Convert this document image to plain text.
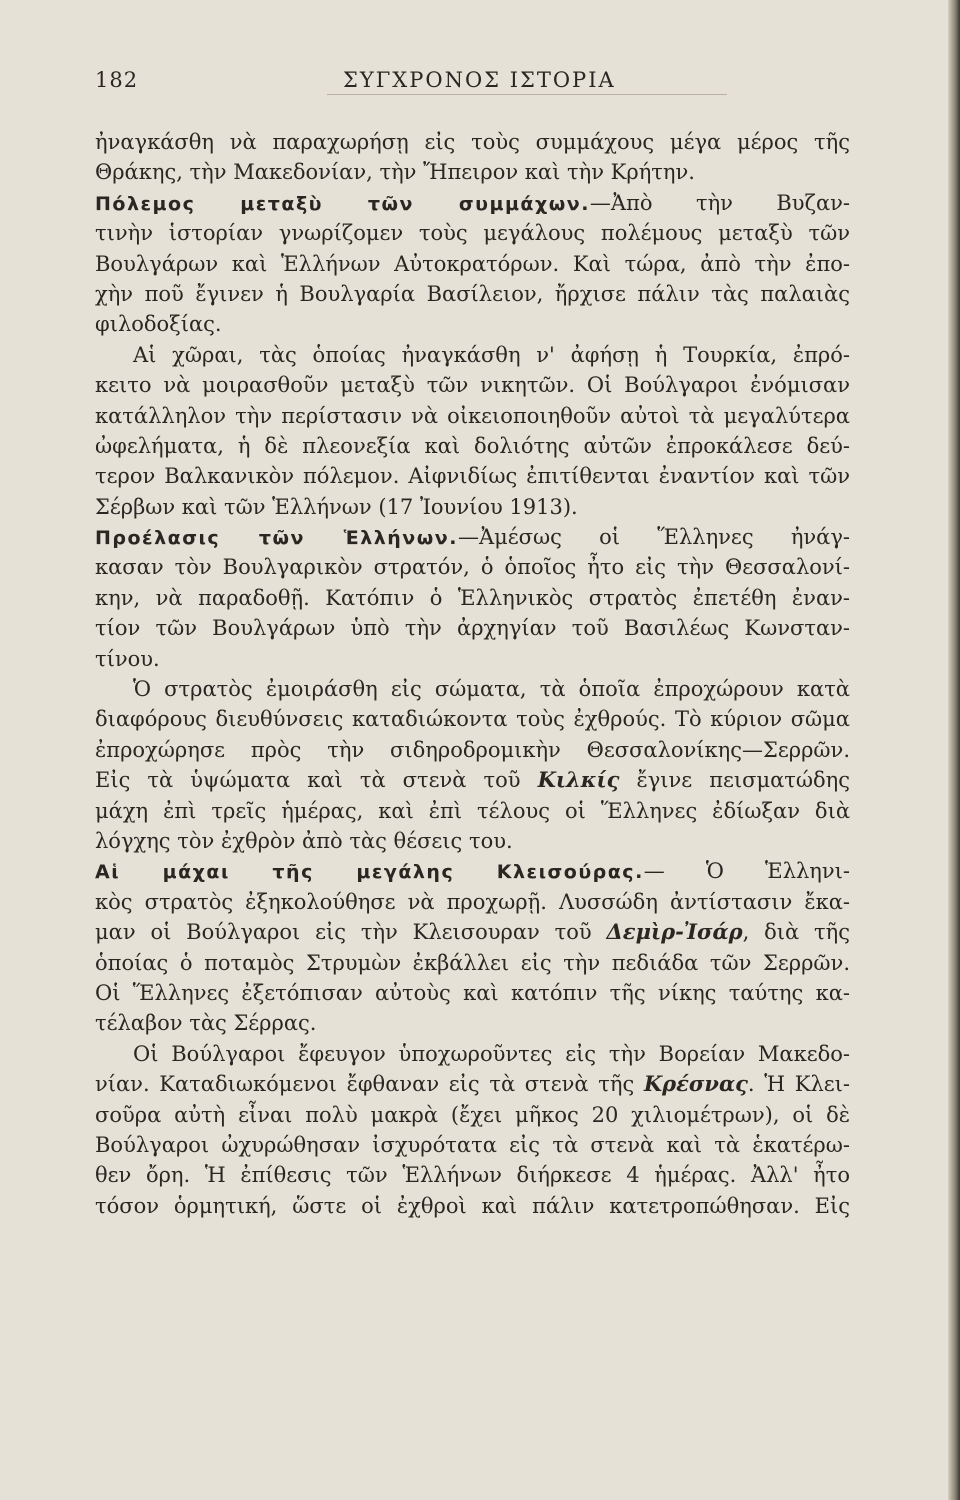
182	ΣΥΓΧΡΟΝΟΣ ΙΣΤΟΡΙΑ
ἠναγκάσθη νὰ παραχωρήσῃ εἰς τοὺς συμμάχους μέγα μέρος τῆς
Θράκης, τὴν Μακεδονίαν, τὴν Ἤπειρον καὶ τὴν Κρήτην.
Πόλεμος μεταξὺ τῶν συμμάχων.—Ἀπὸ τὴν Βυζαν-
τινὴν ἱστορίαν γνωρίζομεν τοὺς μεγάλους πολέμους μεταξὺ τῶν
Βουλγάρων καὶ Ἑλλήνων Αὐτοκρατόρων. Καὶ τώρα, ἀπὸ τὴν ἐπο-
χὴν ποῦ ἔγινεν ἡ Βουλγαρία Βασίλειον, ἤρχισε πάλιν τὰς παλαιὰς
φιλοδοξίας.
Αἱ χῶραι, τὰς ὁποίας ἠναγκάσθη ν' ἀφήσῃ ἡ Τουρκία, ἐπρό-
κειτο νὰ μοιρασθοῦν μεταξὺ τῶν νικητῶν. Οἱ Βούλγαροι ἐνόμισαν
κατάλληλον τὴν περίστασιν νὰ οἰκειοποιηθοῦν αὐτοὶ τὰ μεγαλύτερα
ὠφελήματα, ἡ δὲ πλεονεξία καὶ δολιότης αὐτῶν ἐπροκάλεσε δεύ-
τερον Βαλκανικὸν πόλεμον. Αἰφνιδίως ἐπιτίθενται ἐναντίον καὶ τῶν
Σέρβων καὶ τῶν Ἑλλήνων (17 Ἰουνίου 1913).
Προέλασις τῶν Ἑλλήνων.—Ἀμέσως οἱ Ἕλληνες ἠνάγ-
κασαν τὸν Βουλγαρικὸν στρατόν, ὁ ὁποῖος ἦτο εἰς τὴν Θεσσαλονί-
κην, νὰ παραδοθῇ. Κατόπιν ὁ Ἑλληνικὸς στρατὸς ἐπετέθη ἐναν-
τίον τῶν Βουλγάρων ὑπὸ τὴν ἀρχηγίαν τοῦ Βασιλέως Κωνσταν-
τίνου.
Ὁ στρατὸς ἐμοιράσθη εἰς σώματα, τὰ ὁποῖα ἐπροχώρουν κατὰ
διαφόρους διευθύνσεις καταδιώκοντα τοὺς ἐχθρούς. Τὸ κύριον σῶμα
ἐπροχώρησε πρὸς τὴν σιδηροδρομικὴν Θεσσαλονίκης—Σερρῶν.
Εἰς τὰ ὑψώματα καὶ τὰ στενὰ τοῦ Κιλκίς ἔγινε πεισματώδης
μάχη ἐπὶ τρεῖς ἡμέρας, καὶ ἐπὶ τέλους οἱ Ἕλληνες ἐδίωξαν διὰ
λόγχης τὸν ἐχθρὸν ἀπὸ τὰς θέσεις του.
Αἱ μάχαι τῆς μεγάλης Κλεισούρας.— Ὁ Ἑλληνι-
κὸς στρατὸς ἐξηκολούθησε νὰ προχωρῇ. Λυσσώδη ἀντίστασιν ἔκα-
μαν οἱ Βούλγαροι εἰς τὴν Κλεισουραν τοῦ Δεμὶρ-Ἰσάρ, διὰ τῆς
ὁποίας ὁ ποταμὸς Στρυμὼν ἐκβάλλει εἰς τὴν πεδιάδα τῶν Σερρῶν.
Οἱ Ἕλληνες ἐξετόπισαν αὐτοὺς καὶ κατόπιν τῆς νίκης ταύτης κα-
τέλαβον τὰς Σέρρας.
Οἱ Βούλγαροι ἔφευγον ὑποχωροῦντες εἰς τὴν Βορείαν Μακεδο-
νίαν. Καταδιωκόμενοι ἔφθαναν εἰς τὰ στενὰ τῆς Κρέσνας. Ἡ Κλει-
σοῦρα αὐτὴ εἶναι πολὺ μακρὰ (ἔχει μῆκος 20 χιλιομέτρων), οἱ δὲ
Βούλγαροι ὠχυρώθησαν ἰσχυρότατα εἰς τὰ στενὰ καὶ τὰ ἑκατέρω-
θεν ὄρη. Ἡ ἐπίθεσις τῶν Ἑλλήνων διήρκεσε 4 ἡμέρας. Ἀλλ' ἦτο
τόσον ὁρμητική, ὥστε οἱ ἐχθροὶ καὶ πάλιν κατετροπώθησαν. Εἰς
